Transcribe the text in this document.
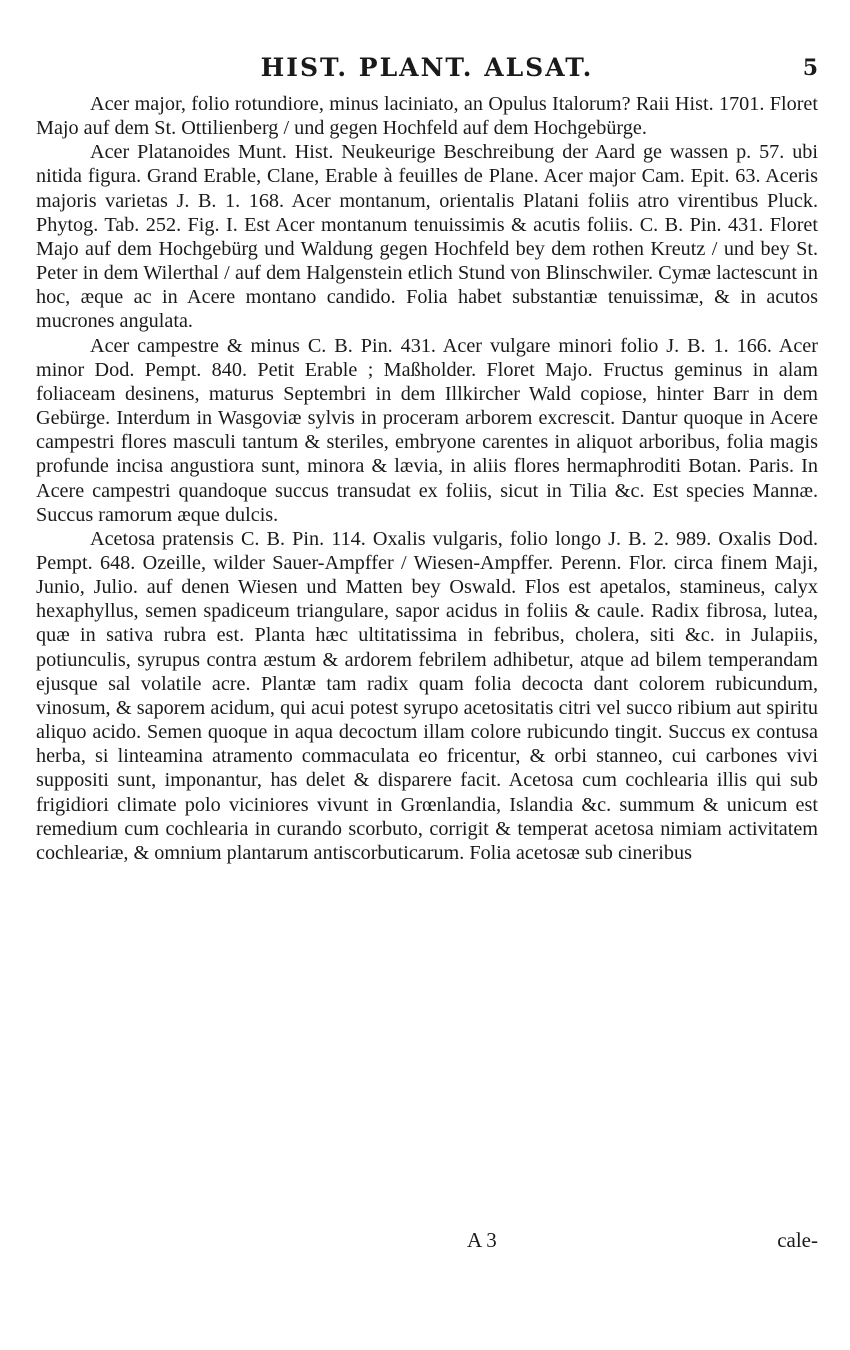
HIST. PLANT. ALSAT.	5

Acer major, folio rotundiore, minus laciniato, an Opulus Italorum? Raii Hist. 1701. Floret Majo auf dem St. Ottilienberg / und gegen Hochfeld auf dem Hochgebürge.

Acer Platanoides Munt. Hist. Neukeurige Beschreibung der Aard ge wassen p. 57. ubi nitida figura. Grand Erable, Clane, Erable à feuilles de Plane. Acer major Cam. Epit. 63. Aceris majoris varietas J. B. 1. 168. Acer montanum, orientalis Platani foliis atro virentibus Pluck. Phytog. Tab. 252. Fig. I. Est Acer montanum tenuissimis & acutis foliis. C. B. Pin. 431. Floret Majo auf dem Hochgebürg und Waldung gegen Hochfeld bey dem rothen Kreutz / und bey St. Peter in dem Wilerthal / auf dem Halgenstein etlich Stund von Blinschwiler. Cymæ lactescunt in hoc, æque ac in Acere montano candido. Folia habet substantiæ tenuissimæ, & in acutos mucrones angulata.

Acer campestre & minus C. B. Pin. 431. Acer vulgare minori folio J. B. 1. 166. Acer minor Dod. Pempt. 840. Petit Erable ; Maßholder. Floret Majo. Fructus geminus in alam foliaceam desinens, maturus Septembri in dem Illkircher Wald copiose, hinter Barr in dem Gebürge. Interdum in Wasgoviæ sylvis in proceram arborem excrescit. Dantur quoque in Acere campestri flores masculi tantum & steriles, embryone carentes in aliquot arboribus, folia magis profunde incisa angustiora sunt, minora & lævia, in aliis flores hermaphroditi Botan. Paris. In Acere campestri quandoque succus transudat ex foliis, sicut in Tilia &c. Est species Mannæ. Succus ramorum æque dulcis.

Acetosa pratensis C. B. Pin. 114. Oxalis vulgaris, folio longo J. B. 2. 989. Oxalis Dod. Pempt. 648. Ozeille, wilder Sauer-Ampffer / Wiesen-Ampffer. Perenn. Flor. circa finem Maji, Junio, Julio. auf denen Wiesen und Matten bey Oswald. Flos est apetalos, stamineus, calyx hexaphyllus, semen spadiceum triangulare, sapor acidus in foliis & caule. Radix fibrosa, lutea, quæ in sativa rubra est. Planta hæc ultitatissima in febribus, cholera, siti &c. in Julapiis, potiunculis, syrupus contra æstum & ardorem febrilem adhibetur, atque ad bilem temperandam ejusque sal volatile acre. Plantæ tam radix quam folia decocta dant colorem rubicundum, vinosum, & saporem acidum, qui acui potest syrupo acetositatis citri vel succo ribium aut spiritu aliquo acido. Semen quoque in aqua decoctum illam colore rubicundo tingit. Succus ex contusa herba, si linteamina atramento commaculata eo fricentur, & orbi stanneo, cui carbones vivi suppositi sunt, imponantur, has delet & disparere facit. Acetosa cum cochlearia illis qui sub frigidiori climate polo viciniores vivunt in Grœnlandia, Islandia &c. summum & unicum est remedium cum cochlearia in curando scorbuto, corrigit & temperat acetosa nimiam activitatem cochleariæ, & omnium plantarum antiscorbuticarum. Folia acetosæ sub cineribus

A 3	cale-
